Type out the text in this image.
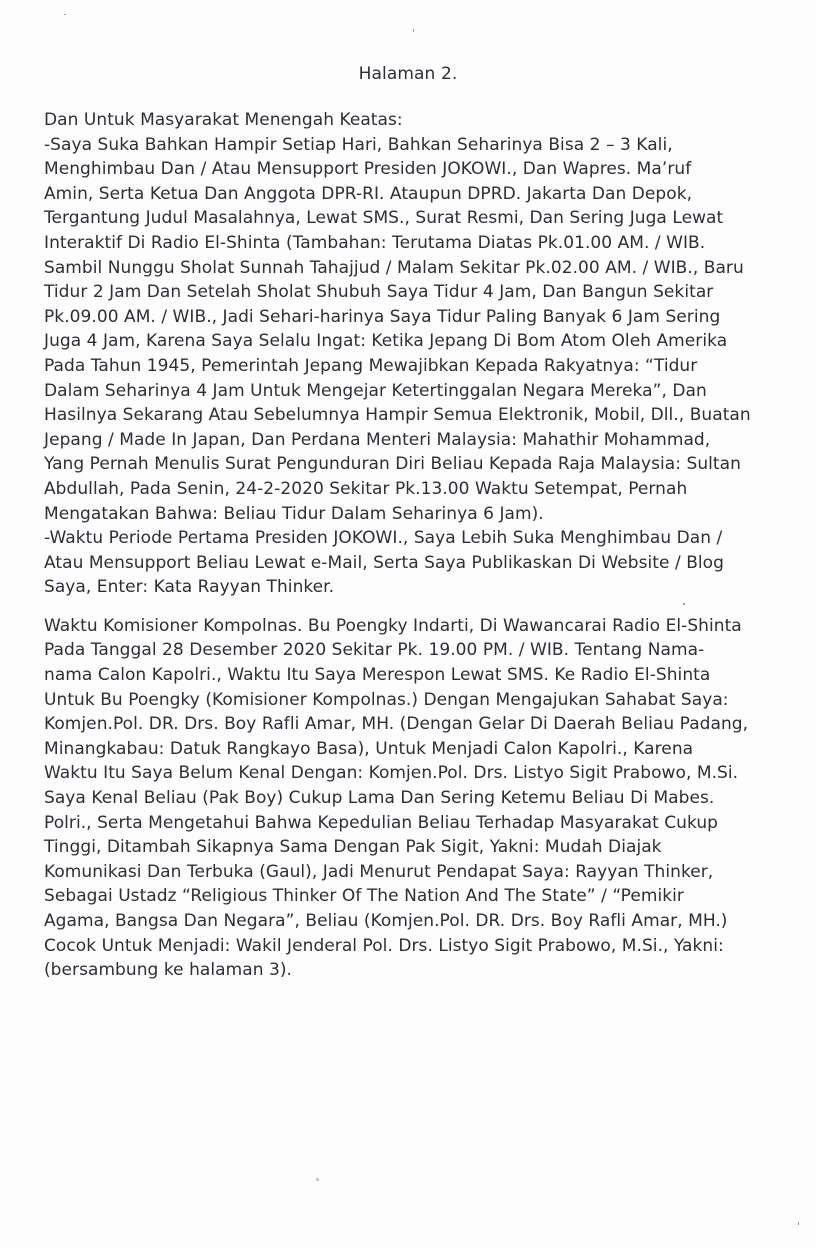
Halaman 2.
Dan Untuk Masyarakat Menengah Keatas:
-Saya Suka Bahkan Hampir Setiap Hari, Bahkan Seharinya Bisa 2 – 3 Kali,
Menghimbau Dan / Atau Mensupport Presiden JOKOWI., Dan Wapres. Ma’ruf
Amin, Serta Ketua Dan Anggota DPR-RI. Ataupun DPRD. Jakarta Dan Depok,
Tergantung Judul Masalahnya, Lewat SMS., Surat Resmi, Dan Sering Juga Lewat
Interaktif Di Radio El-Shinta (Tambahan: Terutama Diatas Pk.01.00 AM. / WIB.
Sambil Nunggu Sholat Sunnah Tahajjud / Malam Sekitar Pk.02.00 AM. / WIB., Baru
Tidur 2 Jam Dan Setelah Sholat Shubuh Saya Tidur 4 Jam, Dan Bangun Sekitar
Pk.09.00 AM. / WIB., Jadi Sehari-harinya Saya Tidur Paling Banyak 6 Jam Sering
Juga 4 Jam, Karena Saya Selalu Ingat: Ketika Jepang Di Bom Atom Oleh Amerika
Pada Tahun 1945, Pemerintah Jepang Mewajibkan Kepada Rakyatnya: “Tidur
Dalam Seharinya 4 Jam Untuk Mengejar Ketertinggalan Negara Mereka”, Dan
Hasilnya Sekarang Atau Sebelumnya Hampir Semua Elektronik, Mobil, Dll., Buatan
Jepang / Made In Japan, Dan Perdana Menteri Malaysia: Mahathir Mohammad,
Yang Pernah Menulis Surat Pengunduran Diri Beliau Kepada Raja Malaysia: Sultan
Abdullah, Pada Senin, 24-2-2020 Sekitar Pk.13.00 Waktu Setempat, Pernah
Mengatakan Bahwa: Beliau Tidur Dalam Seharinya 6 Jam).
-Waktu Periode Pertama Presiden JOKOWI., Saya Lebih Suka Menghimbau Dan /
Atau Mensupport Beliau Lewat e-Mail, Serta Saya Publikaskan Di Website / Blog
Saya, Enter: Kata Rayyan Thinker.
Waktu Komisioner Kompolnas. Bu Poengky Indarti, Di Wawancarai Radio El-Shinta
Pada Tanggal 28 Desember 2020 Sekitar Pk. 19.00 PM. / WIB. Tentang Nama-
nama Calon Kapolri., Waktu Itu Saya Merespon Lewat SMS. Ke Radio El-Shinta
Untuk Bu Poengky (Komisioner Kompolnas.) Dengan Mengajukan Sahabat Saya:
Komjen.Pol. DR. Drs. Boy Rafli Amar, MH. (Dengan Gelar Di Daerah Beliau Padang,
Minangkabau: Datuk Rangkayo Basa), Untuk Menjadi Calon Kapolri., Karena
Waktu Itu Saya Belum Kenal Dengan: Komjen.Pol. Drs. Listyo Sigit Prabowo, M.Si.
Saya Kenal Beliau (Pak Boy) Cukup Lama Dan Sering Ketemu Beliau Di Mabes.
Polri., Serta Mengetahui Bahwa Kepedulian Beliau Terhadap Masyarakat Cukup
Tinggi, Ditambah Sikapnya Sama Dengan Pak Sigit, Yakni: Mudah Diajak
Komunikasi Dan Terbuka (Gaul), Jadi Menurut Pendapat Saya: Rayyan Thinker,
Sebagai Ustadz “Religious Thinker Of The Nation And The State” / “Pemikir
Agama, Bangsa Dan Negara”, Beliau (Komjen.Pol. DR. Drs. Boy Rafli Amar, MH.)
Cocok Untuk Menjadi: Wakil Jenderal Pol. Drs. Listyo Sigit Prabowo, M.Si., Yakni:
(bersambung ke halaman 3).
